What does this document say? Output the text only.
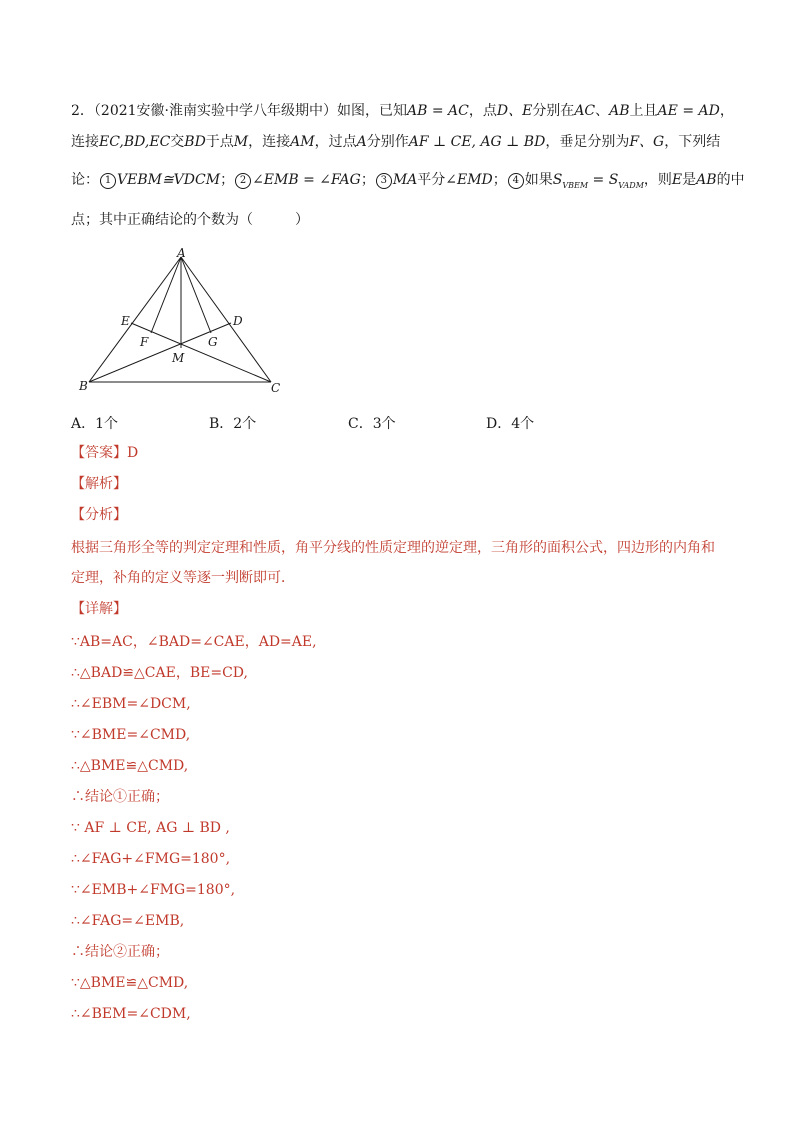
2．（2021安徽·淮南实验中学八年级期中）如图，已知AB = AC，点D、E分别在AC、AB上且AE = AD，
连接EC,BD,EC交BD于点M，连接AM，过点A分别作AF ⊥ CE, AG ⊥ BD，垂足分别为F、G，下列结
论： 1 VEBM≅VDCM； 2 ∠EMB = ∠FAG； 3 MA平分∠EMD； 4 如果$S_{VBEM} = S_{VADM}$，则E是AB的中
点；其中正确结论的个数为（　　　）
A
B	C
D
E
F	G
M
A．1个	B．2个	C．3个	D．4个
【答案】D
【解析】
【分析】
根据三角形全等的判定定理和性质，角平分线的性质定理的逆定理，三角形的面积公式，四边形的内角和
定理，补角的定义等逐一判断即可．
【详解】
∵AB=AC，∠BAD=∠CAE，AD=AE,
∴△BAD≌△CAE，BE=CD,
∴∠EBM=∠DCM,
∵∠BME=∠CMD,
∴△BME≌△CMD,
∴结论①正确；
∵ AF ⊥ CE, AG ⊥ BD ,
∴∠FAG+∠FMG=180°,
∵∠EMB+∠FMG=180°,
∴∠FAG=∠EMB,
∴结论②正确；
∵△BME≌△CMD,
∴∠BEM=∠CDM,
